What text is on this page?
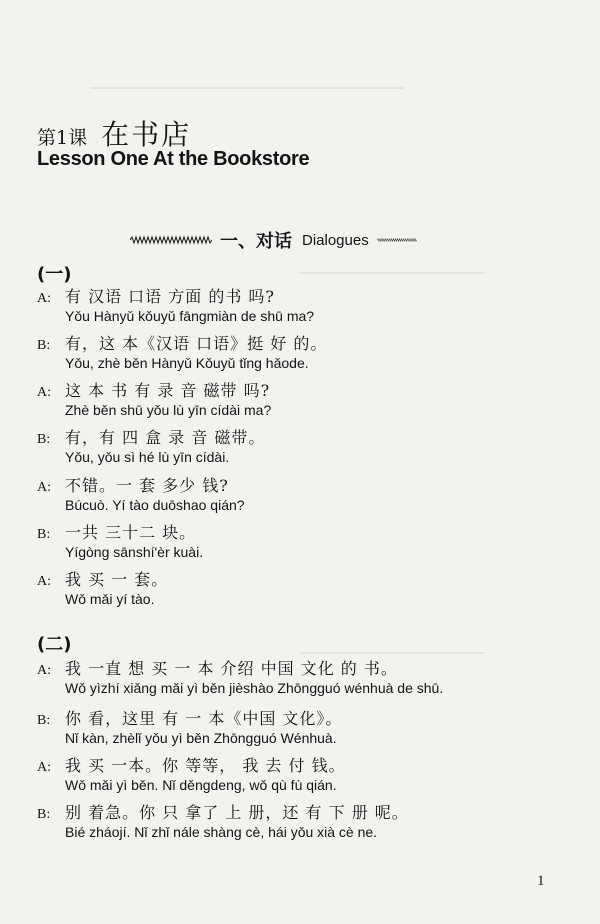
▁▁▁▁▁▁▁▁▁▁▁▁▁▁▁▁▁▁▁▁▁▁▁▁▁▁▁▁▁▁▁▁▁▁
▁▁▁▁▁▁▁▁▁▁▁▁▁▁▁▁▁▁▁▁
▁▁▁▁▁▁▁▁▁▁▁▁▁▁▁▁▁▁▁▁
第1课 在书店
Lesson One At the Bookstore
一、对话 Dialogues
(一)
A: 有 汉语 口语 方面 的书 吗?
Yǒu Hànyǔ kǒuyǔ fāngmiàn de shū ma?
B: 有，这 本《汉语 口语》挺 好 的。
Yǒu, zhè běn Hànyǔ Kǒuyǔ tǐng hǎode.
A: 这 本 书 有 录 音 磁带 吗?
Zhè běn shū yǒu lù yīn cídài ma?
B: 有，有 四 盒 录 音 磁带。
Yǒu, yǒu sì hé lù yīn cídài.
A: 不错。一 套 多少 钱?
Búcuò. Yí tào duōshao qián?
B: 一共 三十二 块。
Yígòng sānshí'èr kuài.
A: 我 买 一 套。
Wǒ mǎi yí tào.
(二)
A: 我 一直 想 买 一 本 介绍 中国 文化 的 书。
Wǒ yìzhí xiǎng mǎi yì běn jièshào Zhōngguó wénhuà de shū.
B: 你 看，这里 有 一 本《中国 文化》。
Nǐ kàn, zhèlǐ yǒu yì běn Zhōngguó Wénhuà.
A: 我 买 一本。你 等等， 我 去 付 钱。
Wǒ mǎi yì běn. Nǐ děngdeng, wǒ qù fù qián.
B: 别 着急。你 只 拿了 上 册，还 有 下 册 呢。
Bié zháojí. Nǐ zhǐ nále shàng cè, hái yǒu xià cè ne.
1
